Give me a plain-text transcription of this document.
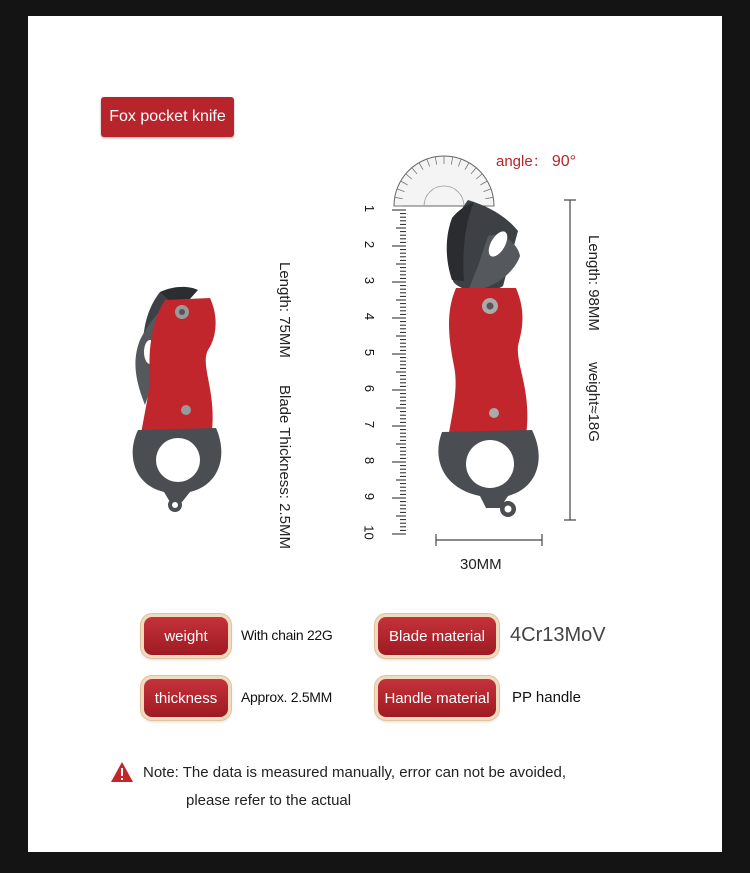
Fox pocket knife
Length: 75MM
Blade Thickness: 2.5MM
1
2
3
4
5
6
7
8
9
10
angle： 90°
Length: 98MM
weight≈18G
30MM
weight With chain 22G
thickness Approx. 2.5MM
Blade material 4Cr13MoV
Handle material PP handle
Note: The data is measured manually, error can not be avoided,
please refer to the actual
